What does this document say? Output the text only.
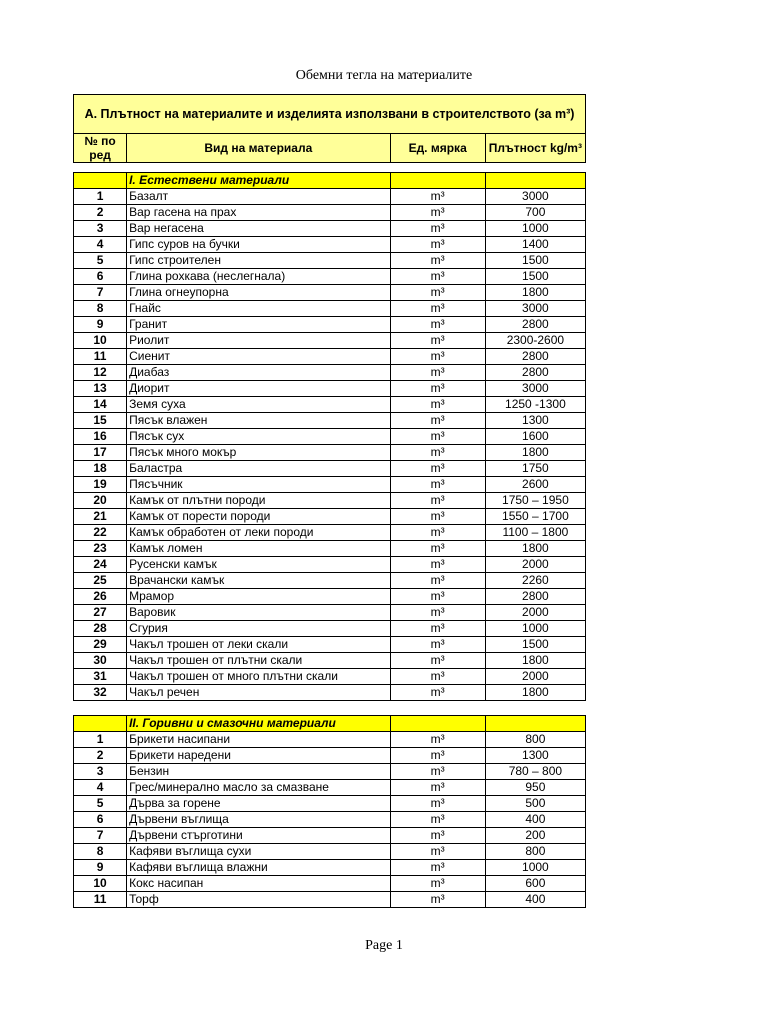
Обемни тегла на материалите
А. Плътност на материалите и изделията използвани в строителството (за m³)
№ по ред	Вид на материала	Ед. мярка	Плътност kg/m³
	I. Естествени материали		
1	Базалт	m³	3000
2	Вар гасена на прах	m³	700
3	Вар негасена	m³	1000
4	Гипс суров на бучки	m³	1400
5	Гипс строителен	m³	1500
6	Глина рохкава (неслегнала)	m³	1500
7	Глина огнеупорна	m³	1800
8	Гнайс	m³	3000
9	Гранит	m³	2800
10	Риолит	m³	2300-2600
11	Сиенит	m³	2800
12	Диабаз	m³	2800
13	Диорит	m³	3000
14	Земя суха	m³	1250 -1300
15	Пясък влажен	m³	1300
16	Пясък сух	m³	1600
17	Пясък много мокър	m³	1800
18	Баластра	m³	1750
19	Пясъчник	m³	2600
20	Камък от плътни породи	m³	1750 – 1950
21	Камък от порести породи	m³	1550 – 1700
22	Камък обработен от леки породи	m³	1100 – 1800
23	Камък ломен	m³	1800
24	Русенски камък	m³	2000
25	Врачански камък	m³	2260
26	Мрамор	m³	2800
27	Варовик	m³	2000
28	Сгурия	m³	1000
29	Чакъл трошен от леки скали	m³	1500
30	Чакъл трошен от плътни скали	m³	1800
31	Чакъл трошен от много плътни скали	m³	2000
32	Чакъл речен	m³	1800
	II. Горивни и смазочни материали		
1	Брикети насипани	m³	800
2	Брикети наредени	m³	1300
3	Бензин	m³	780 – 800
4	Грес/минерално масло за смазване	m³	950
5	Дърва за горене	m³	500
6	Дървени въглища	m³	400
7	Дървени стърготини	m³	200
8	Кафяви въглища сухи	m³	800
9	Кафяви въглища влажни	m³	1000
10	Кокс насипан	m³	600
11	Торф	m³	400
Page 1
